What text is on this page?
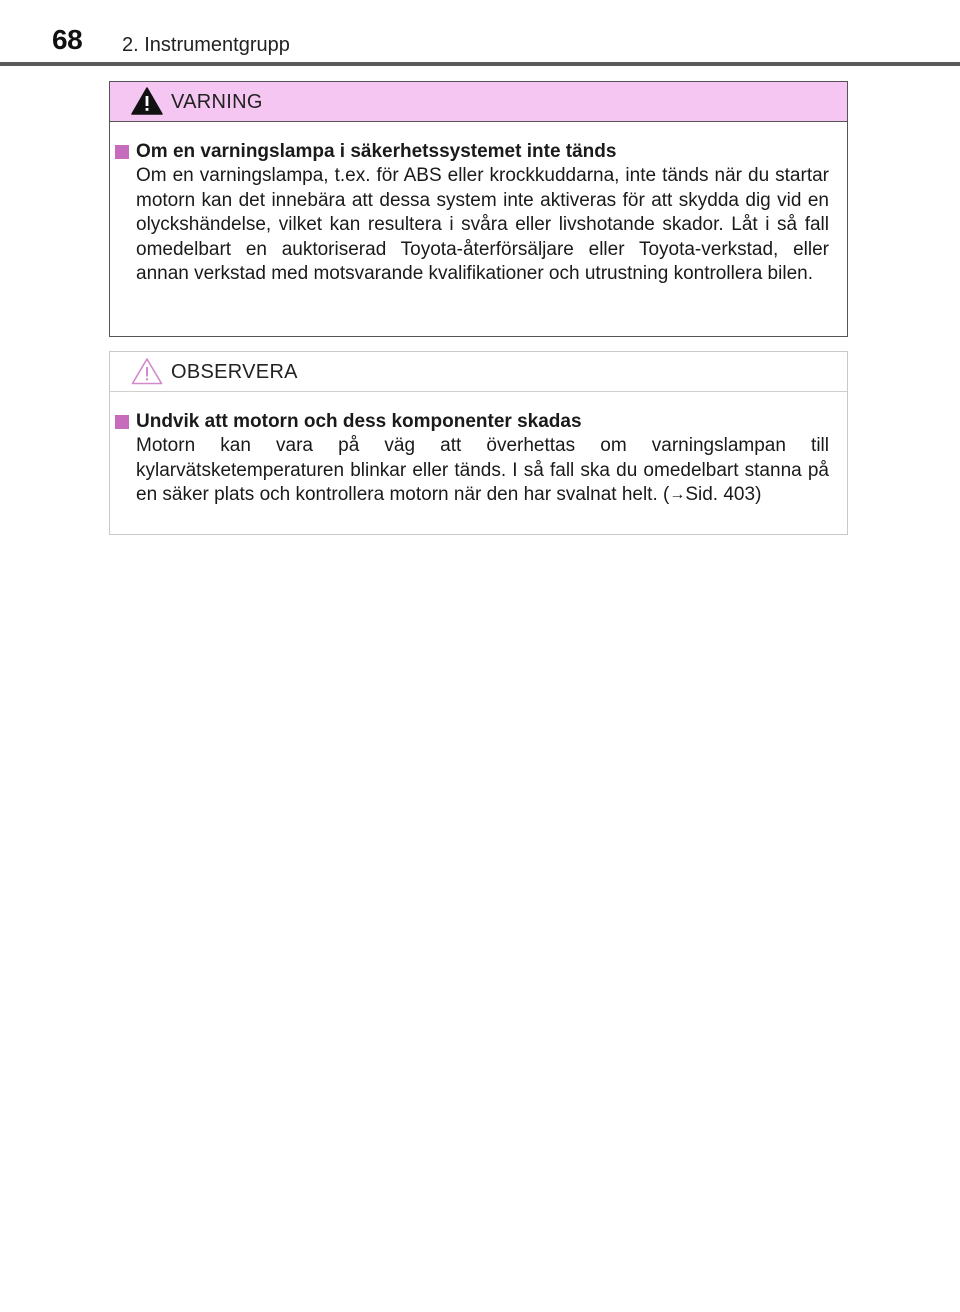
68 2. Instrumentgrupp
VARNING
Om en varningslampa i säkerhetssystemet inte tänds

Om en varningslampa, t.ex. för ABS eller krockkuddarna, inte tänds när du startar motorn kan det innebära att dessa system inte aktiveras för att skydda dig vid en olyckshändelse, vilket kan resultera i svåra eller livshotande skador. Låt i så fall omedelbart en auktoriserad Toyota-återförsäljare eller Toyota-verkstad, eller annan verkstad med motsvarande kvalifikationer och utrustning kontrollera bilen.

OBSERVERA
Undvik att motorn och dess komponenter skadas

Motorn kan vara på väg att överhettas om varningslampan till kylarvätsketemperaturen blinkar eller tänds. I så fall ska du omedelbart stanna på en säker plats och kontrollera motorn när den har svalnat helt. (→Sid. 403)
